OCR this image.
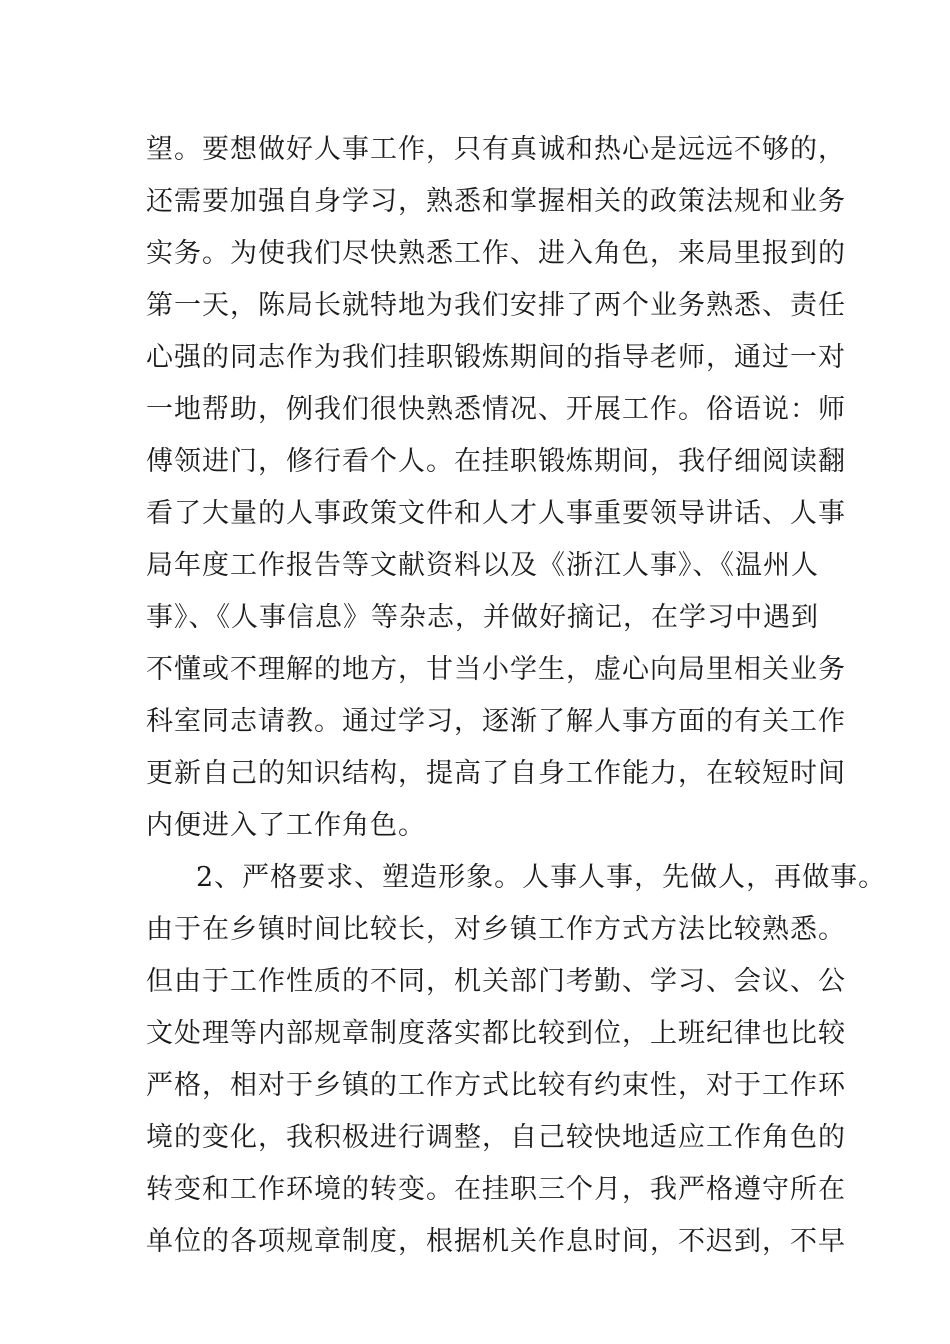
望。要想做好人事工作，只有真诚和热心是远远不够的，
还需要加强自身学习，熟悉和掌握相关的政策法规和业务
实务。为使我们尽快熟悉工作、进入角色，来局里报到的
第一天，陈局长就特地为我们安排了两个业务熟悉、责任
心强的同志作为我们挂职锻炼期间的指导老师，通过一对
一地帮助，例我们很快熟悉情况、开展工作。俗语说：师
傅领进门，修行看个人。在挂职锻炼期间，我仔细阅读翻
看了大量的人事政策文件和人才人事重要领导讲话、人事
局年度工作报告等文献资料以及《浙江人事》、《温州人
事》、《人事信息》等杂志，并做好摘记，在学习中遇到
不懂或不理解的地方，甘当小学生，虚心向局里相关业务
科室同志请教。通过学习，逐渐了解人事方面的有关工作
更新自己的知识结构，提高了自身工作能力，在较短时间
内便进入了工作角色。
2、严格要求、塑造形象。人事人事，先做人，再做事。
由于在乡镇时间比较长，对乡镇工作方式方法比较熟悉。
但由于工作性质的不同，机关部门考勤、学习、会议、公
文处理等内部规章制度落实都比较到位，上班纪律也比较
严格，相对于乡镇的工作方式比较有约束性，对于工作环
境的变化，我积极进行调整，自己较快地适应工作角色的
转变和工作环境的转变。在挂职三个月，我严格遵守所在
单位的各项规章制度，根据机关作息时间，不迟到，不早
